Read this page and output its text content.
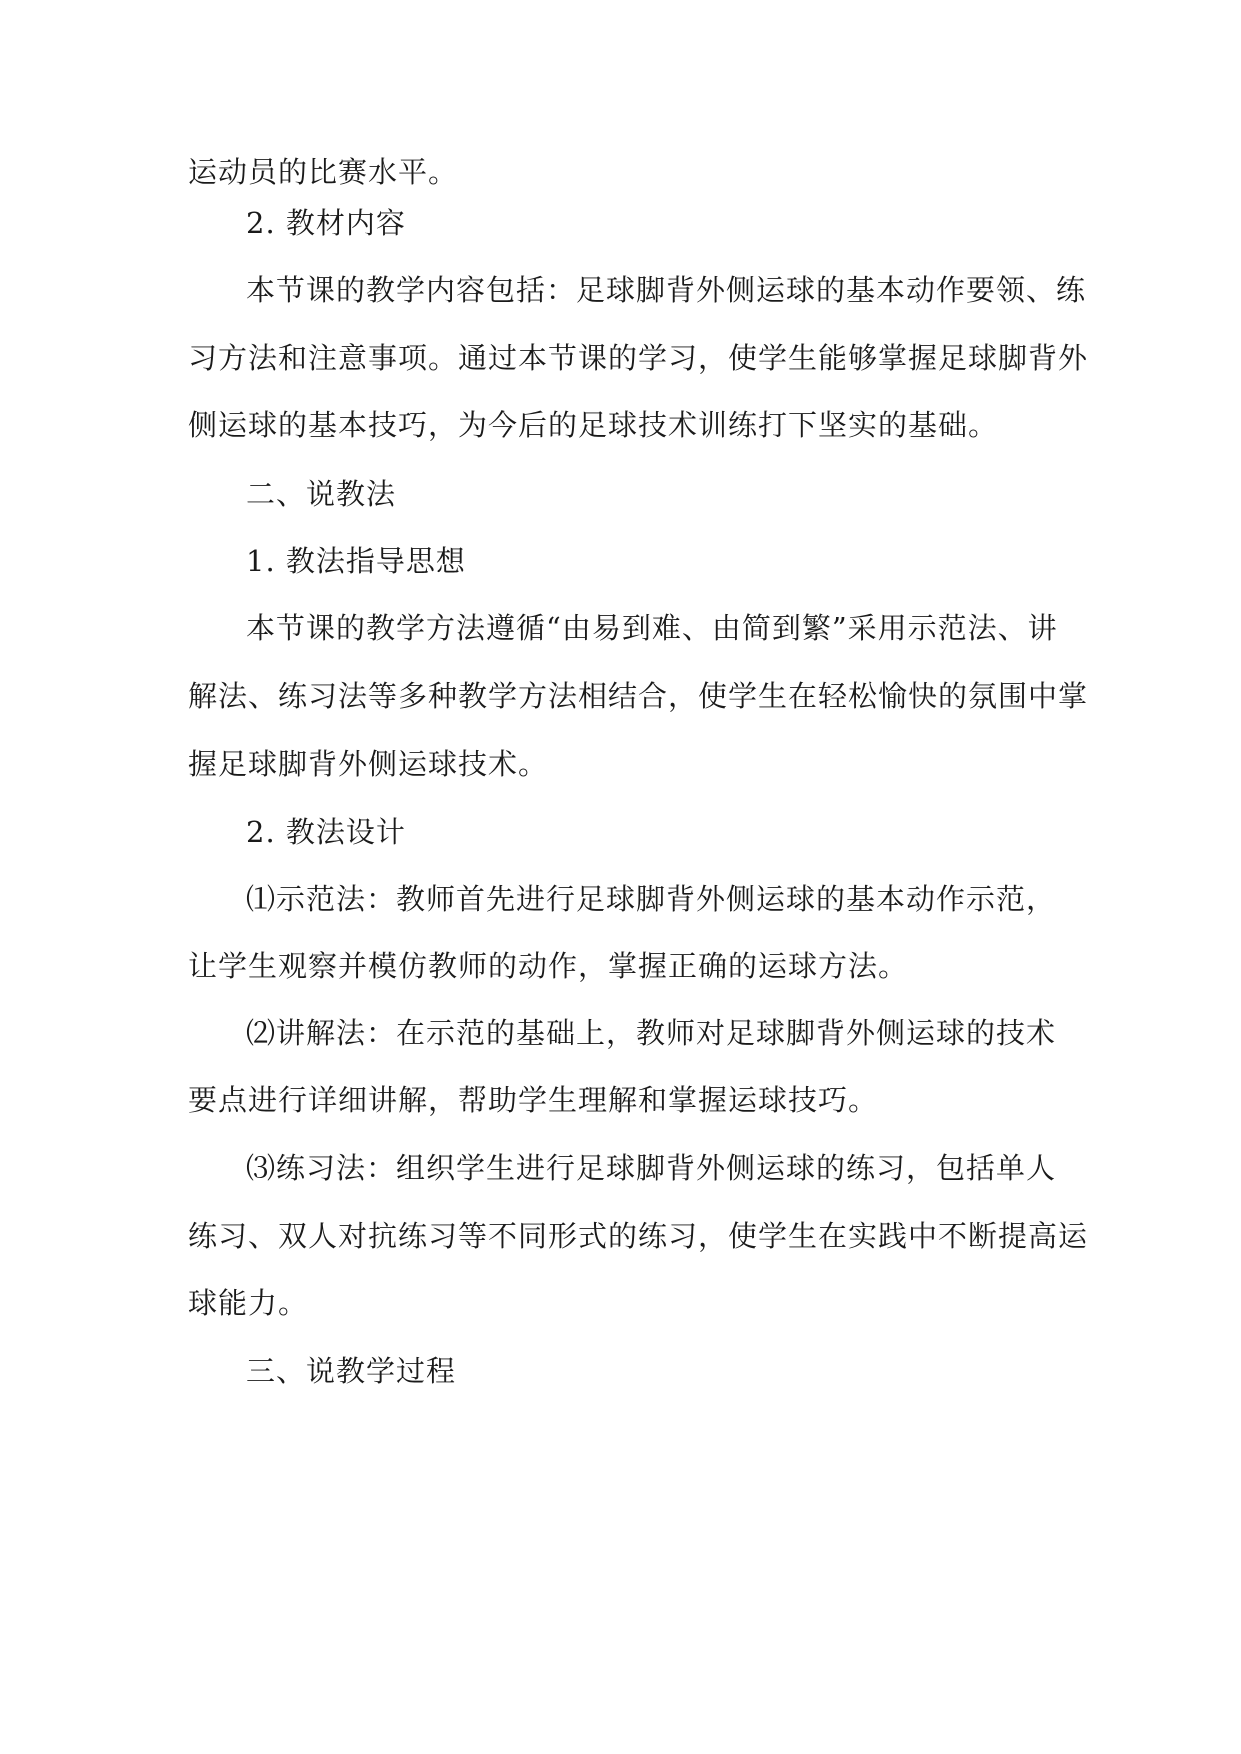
运动员的比赛水平。
2. 教材内容
本节课的教学内容包括：足球脚背外侧运球的基本动作要领、练
习方法和注意事项。通过本节课的学习，使学生能够掌握足球脚背外
侧运球的基本技巧，为今后的足球技术训练打下坚实的基础。
二、说教法
1. 教法指导思想
本节课的教学方法遵循“由易到难、由简到繁”采用示范法、讲
解法、练习法等多种教学方法相结合，使学生在轻松愉快的氛围中掌
握足球脚背外侧运球技术。
2. 教法设计
⑴示范法：教师首先进行足球脚背外侧运球的基本动作示范，
让学生观察并模仿教师的动作，掌握正确的运球方法。
⑵讲解法：在示范的基础上，教师对足球脚背外侧运球的技术
要点进行详细讲解，帮助学生理解和掌握运球技巧。
⑶练习法：组织学生进行足球脚背外侧运球的练习，包括单人
练习、双人对抗练习等不同形式的练习，使学生在实践中不断提高运
球能力。
三、说教学过程
